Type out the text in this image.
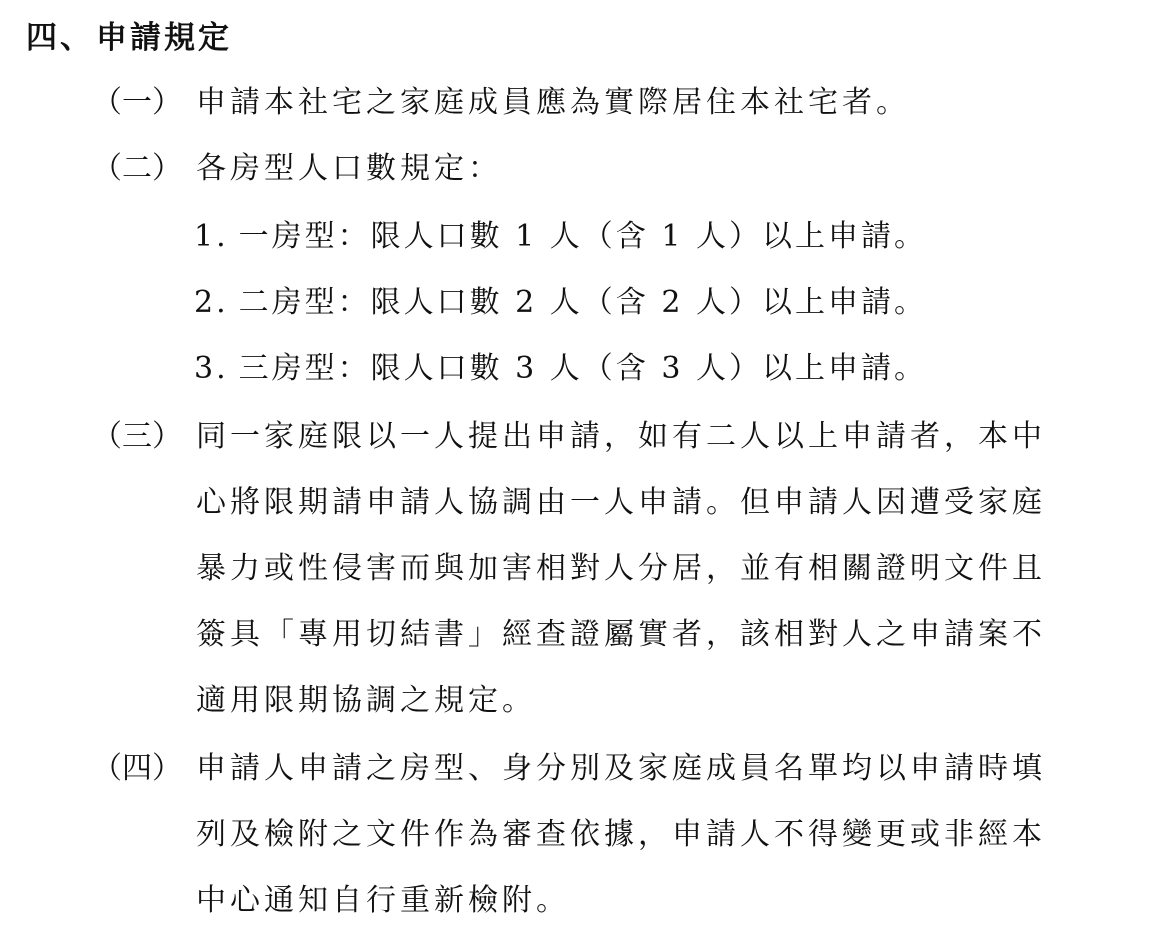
四、申請規定
（一） 申請本社宅之家庭成員應為實際居住本社宅者。
（二） 各房型人口數規定：
1. 一房型：限人口數 1 人（含 1 人）以上申請。
2. 二房型：限人口數 2 人（含 2 人）以上申請。
3. 三房型：限人口數 3 人（含 3 人）以上申請。
（三） 同一家庭限以一人提出申請，如有二人以上申請者，本中
心將限期請申請人協調由一人申請。但申請人因遭受家庭
暴力或性侵害而與加害相對人分居，並有相關證明文件且
簽具「專用切結書」經查證屬實者，該相對人之申請案不
適用限期協調之規定。
（四） 申請人申請之房型、身分別及家庭成員名單均以申請時填
列及檢附之文件作為審查依據，申請人不得變更或非經本
中心通知自行重新檢附。
